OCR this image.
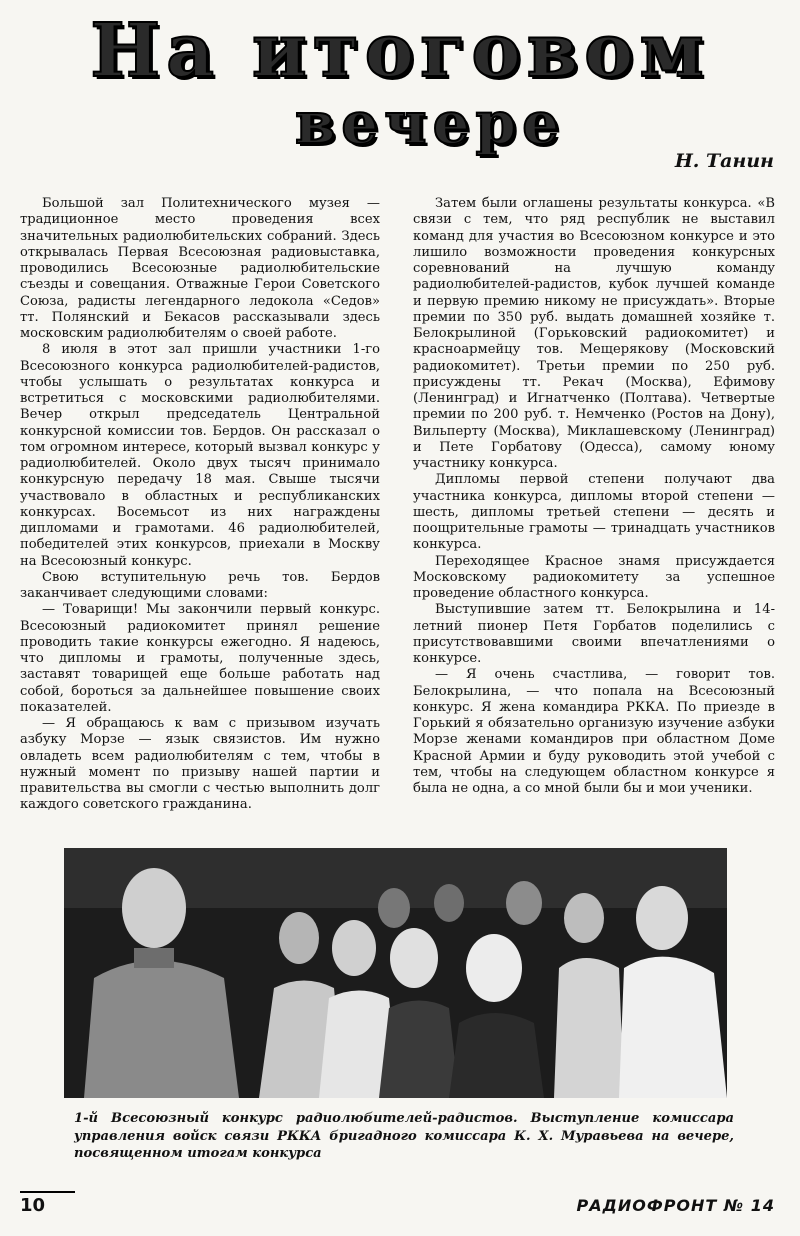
На итоговом
вечере
Н. Танин

Большой зал Политехнического музея — традиционное место проведения всех значительных радиолюбительских собраний. Здесь открывалась Первая Всесоюзная радиовыставка, проводились Всесоюзные радиолюбительские съезды и совещания. Отважные Герои Советского Союза, радисты легендарного ледокола «Седов» тт. Полянский и Бекасов рассказывали здесь московским радиолюбителям о своей работе.

8 июля в этот зал пришли участники 1-го Всесоюзного конкурса радиолюбителей-радистов, чтобы услышать о результатах конкурса и встретиться с московскими радиолюбителями. Вечер открыл председатель Центральной конкурсной комиссии тов. Бердов. Он рассказал о том огромном интересе, который вызвал конкурс у радиолюбителей. Около двух тысяч принимало конкурсную передачу 18 мая. Свыше тысячи участвовало в областных и республиканских конкурсах. Восемьсот из них награждены дипломами и грамотами. 46 радиолюбителей, победителей этих конкурсов, приехали в Москву на Всесоюзный конкурс.

Свою вступительную речь тов. Бердов заканчивает следующими словами:

— Товарищи! Мы закончили первый конкурс. Всесоюзный радиокомитет принял решение проводить такие конкурсы ежегодно. Я надеюсь, что дипломы и грамоты, полученные здесь, заставят товарищей еще больше работать над собой, бороться за дальнейшее повышение своих показателей.

— Я обращаюсь к вам с призывом изучать азбуку Морзе — язык связистов. Им нужно овладеть всем радиолюбителям с тем, чтобы в нужный момент по призыву нашей партии и правительства вы смогли с честью выполнить долг каждого советского гражданина.

Затем были оглашены результаты конкурса. «В связи с тем, что ряд республик не выставил команд для участия во Всесоюзном конкурсе и это лишило возможности проведения конкурсных соревнований на лучшую команду радиолюбителей-радистов, кубок лучшей команде и первую премию никому не присуждать». Вторые премии по 350 руб. выдать домашней хозяйке т. Белокрылиной (Горьковский радиокомитет) и красноармейцу тов. Мещерякову (Московский радиокомитет). Третьи премии по 250 руб. присуждены тт. Рекач (Москва), Ефимову (Ленинград) и Игнатченко (Полтава). Четвертые премии по 200 руб. т. Немченко (Ростов на Дону), Вильперту (Москва), Миклашевскому (Ленинград) и Пете Горбатову (Одесса), самому юному участнику конкурса.

Дипломы первой степени получают два участника конкурса, дипломы второй степени — шесть, дипломы третьей степени — десять и поощрительные грамоты — тринадцать участников конкурса.

Переходящее Красное знамя присуждается Московскому радиокомитету за успешное проведение областного конкурса.

Выступившие затем тт. Белокрылина и 14-летний пионер Петя Горбатов поделились с присутствовавшими своими впечатлениями о конкурсе.

— Я очень счастлива, — говорит тов. Белокрылина, — что попала на Всесоюзный конкурс. Я жена командира РККА. По приезде в Горький я обязательно организую изучение азбуки Морзе женами командиров при областном Доме Красной Армии и буду руководить этой учебой с тем, чтобы на следующем областном конкурсе я была не одна, а со мной были бы и мои ученики.

1-й Всесоюзный конкурс радиолюбителей-радистов. Выступление комиссара управления войск связи РККА бригадного комиссара К. Х. Муравьева на вечере, посвященном итогам конкурса
10	РАДИОФРОНТ № 14
